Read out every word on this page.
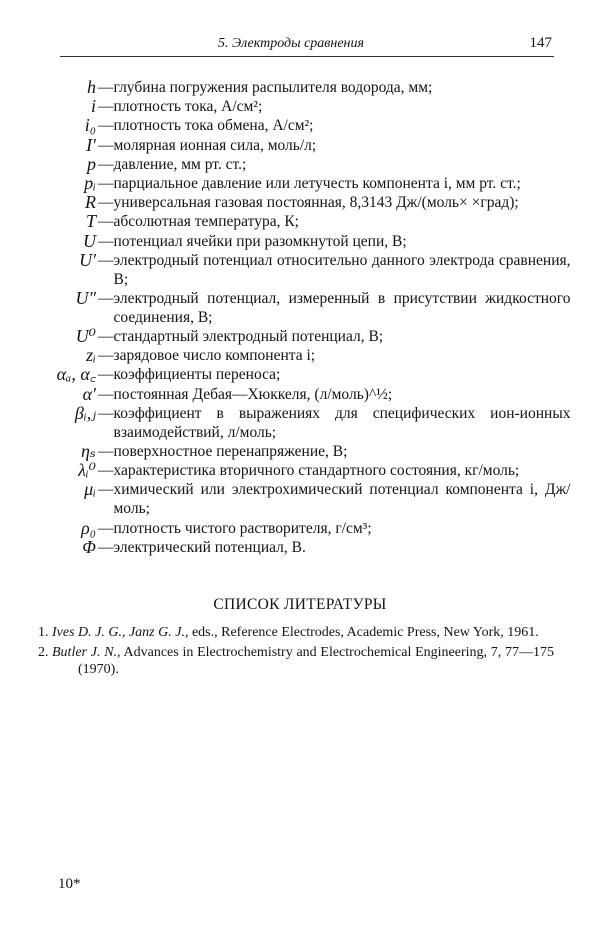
5. Электроды сравнения	147
h — глубина погружения распылителя водорода, мм;
i — плотность тока, А/см²;
i₀ — плотность тока обмена, А/см²;
I′ — молярная ионная сила, моль/л;
p — давление, мм рт. ст.;
pᵢ — парциальное давление или летучесть компонента i, мм рт. ст.;
R — универсальная газовая постоянная, 8,3143 Дж/(моль× ×град);
T — абсолютная температура, К;
U — потенциал ячейки при разомкнутой цепи, В;
U′ — электродный потенциал относительно данного электрода сравнения, В;
U″ — электродный потенциал, измеренный в присутствии жидкостного соединения, В;
U⁰ — стандартный электродный потенциал, В;
zᵢ — зарядовое число компонента i;
αₐ, α꜀ — коэффициенты переноса;
α′ — постоянная Дебая—Хюккеля, (л/моль)^½;
βᵢ,ⱼ — коэффициент в выражениях для специфических ион-ионных взаимодействий, л/моль;
ηₛ — поверхностное перенапряжение, В;
λᵢ⁰ — характеристика вторичного стандартного состояния, кг/моль;
μᵢ — химический или электрохимический потенциал компонента i, Дж/моль;
ρ₀ — плотность чистого растворителя, г/см³;
Φ — электрический потенциал, В.
СПИСОК ЛИТЕРАТУРЫ
1. Ives D. J. G., Janz G. J., eds., Reference Electrodes, Academic Press, New York, 1961.
2. Butler J. N., Advances in Electrochemistry and Electrochemical Engineering, 7, 77—175 (1970).
10*
